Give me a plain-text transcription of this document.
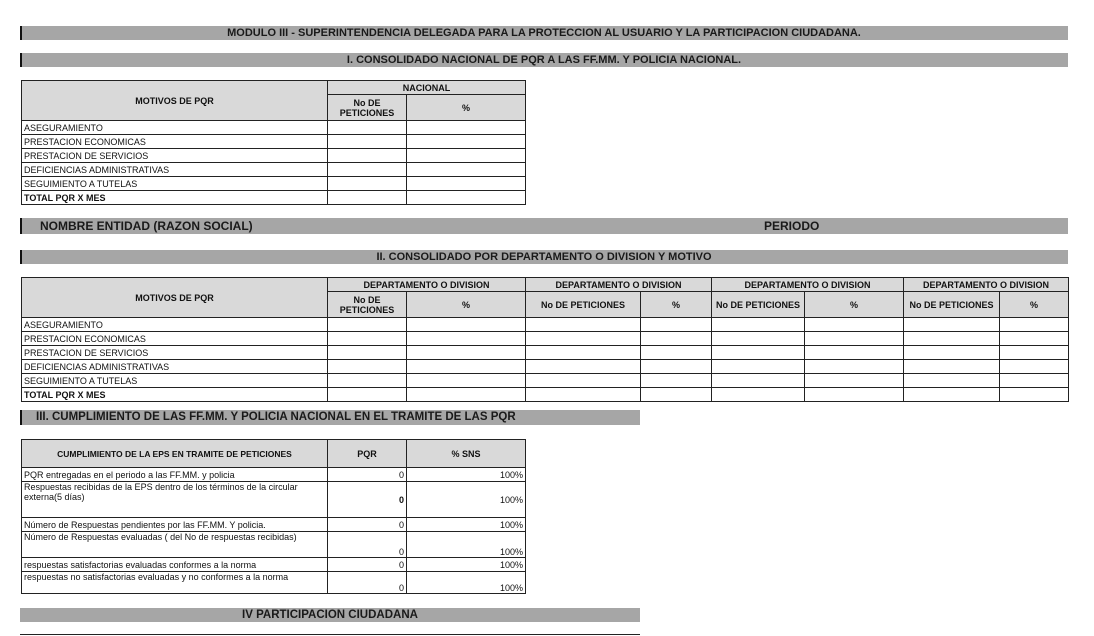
MODULO III - SUPERINTENDENCIA DELEGADA PARA LA PROTECCION AL USUARIO Y LA PARTICIPACION CIUDADANA.
I. CONSOLIDADO NACIONAL DE PQR A LAS FF.MM. Y POLICIA NACIONAL.
MOTIVOS DE PQR	NACIONAL	
	No DE PETICIONES	%
ASEGURAMIENTO		
PRESTACION ECONOMICAS		
PRESTACION DE SERVICIOS		
DEFICIENCIAS ADMINISTRATIVAS		
SEGUIMIENTO A TUTELAS		
TOTAL PQR X MES		
NOMBRE ENTIDAD (RAZON SOCIAL)	PERIODO
II. CONSOLIDADO POR DEPARTAMENTO O DIVISION Y MOTIVO
MOTIVOS DE PQR	DEPARTAMENTO O DIVISION		DEPARTAMENTO O DIVISION		DEPARTAMENTO O DIVISION		DEPARTAMENTO O DIVISION	
	No DE PETICIONES	%	No DE PETICIONES	%	No DE PETICIONES	%	No DE PETICIONES	%
ASEGURAMIENTO								
PRESTACION ECONOMICAS								
PRESTACION DE SERVICIOS								
DEFICIENCIAS ADMINISTRATIVAS								
SEGUIMIENTO A TUTELAS								
TOTAL PQR X MES								
III. CUMPLIMIENTO DE LAS FF.MM. Y POLICIA NACIONAL EN EL TRAMITE DE LAS PQR
CUMPLIMIENTO DE LA EPS EN TRAMITE DE PETICIONES	PQR	% SNS
PQR entregadas en el periodo a las FF.MM. y policia	0	100%
Respuestas recibidas de la EPS dentro de los términos de la circular externa(5 días)	0	100%
Número de Respuestas pendientes por las FF.MM. Y policia.	0	100%
Número de Respuestas evaluadas ( del No de respuestas recibidas)	0	100%
respuestas satisfactorias evaluadas conformes a la norma	0	100%
respuestas no satisfactorias evaluadas y no conformes a la norma	0	100%
IV PARTICIPACION CIUDADANA
